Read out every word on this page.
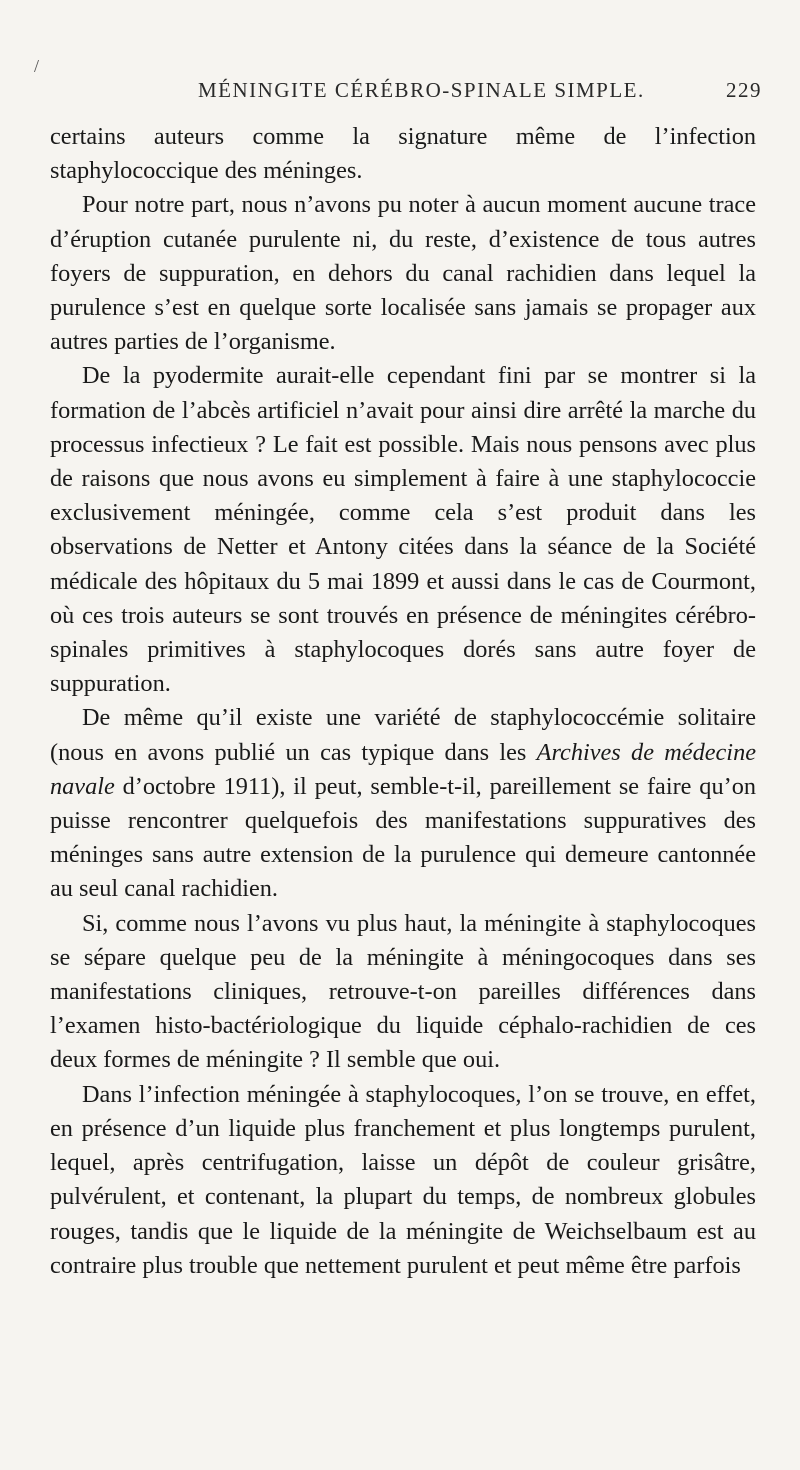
/
MÉNINGITE CÉRÉBRO-SPINALE SIMPLE.	229

certains auteurs comme la signature même de l’infection staphylococcique des méninges.

Pour notre part, nous n’avons pu noter à aucun moment aucune trace d’éruption cutanée purulente ni, du reste, d’existence de tous autres foyers de suppuration, en dehors du canal rachidien dans lequel la purulence s’est en quelque sorte localisée sans jamais se propager aux autres parties de l’organisme.

De la pyodermite aurait-elle cependant fini par se montrer si la formation de l’abcès artificiel n’avait pour ainsi dire arrêté la marche du processus infectieux ? Le fait est possible. Mais nous pensons avec plus de raisons que nous avons eu simplement à faire à une staphylococcie exclusivement méningée, comme cela s’est produit dans les observations de Netter et Antony citées dans la séance de la Société médicale des hôpitaux du 5 mai 1899 et aussi dans le cas de Courmont, où ces trois auteurs se sont trouvés en présence de méningites cérébro-spinales primitives à staphylocoques dorés sans autre foyer de suppuration.

De même qu’il existe une variété de staphylococcémie solitaire (nous en avons publié un cas typique dans les Archives de médecine navale d’octobre 1911), il peut, semble-t-il, pareillement se faire qu’on puisse rencontrer quelquefois des manifestations suppuratives des méninges sans autre extension de la purulence qui demeure cantonnée au seul canal rachidien.

Si, comme nous l’avons vu plus haut, la méningite à staphylocoques se sépare quelque peu de la méningite à méningocoques dans ses manifestations cliniques, retrouve-t-on pareilles différences dans l’examen histo-bactériologique du liquide céphalo-rachidien de ces deux formes de méningite ? Il semble que oui.

Dans l’infection méningée à staphylocoques, l’on se trouve, en effet, en présence d’un liquide plus franchement et plus longtemps purulent, lequel, après centrifugation, laisse un dépôt de couleur grisâtre, pulvérulent, et contenant, la plupart du temps, de nombreux globules rouges, tandis que le liquide de la méningite de Weichselbaum est au contraire plus trouble que nettement purulent et peut même être parfois
